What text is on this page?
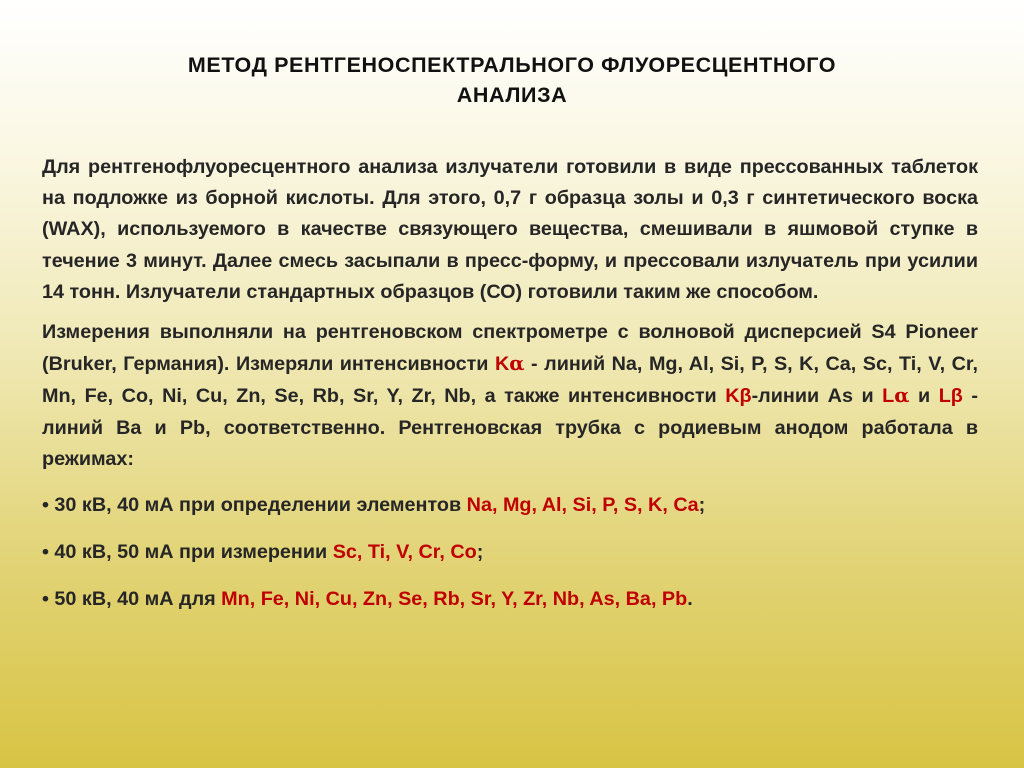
МЕТОД РЕНТГЕНОСПЕКТРАЛЬНОГО ФЛУОРЕСЦЕНТНОГО
АНАЛИЗА

Для рентгенофлуоресцентного анализа излучатели готовили в виде прессованных таблеток на подложке из борной кислоты. Для этого, 0,7 г образца золы и 0,3 г синтетического воска (WAX), используемого в качестве связующего вещества, смешивали в яшмовой ступке в течение 3 минут. Далее смесь засыпали в пресс-форму, и прессовали излучатель при усилии 14 тонн. Излучатели стандартных образцов (СО) готовили таким же способом.

Измерения выполняли на рентгеновском спектрометре с волновой дисперсией S4 Pioneer (Bruker, Германия). Измеряли интенсивности Kα - линий Na, Mg, Al, Si, P, S, K, Ca, Sc, Ti, V, Cr, Mn, Fe, Co, Ni, Cu, Zn, Se, Rb, Sr, Y, Zr, Nb, а также интенсивности Kβ-линии As и Lα и Lβ - линий Ba и Pb, соответственно. Рентгеновская трубка с родиевым анодом работала в режимах:

• 30 кВ, 40 мА при определении элементов Na, Mg, Al, Si, P, S, K, Ca;

• 40 кВ, 50 мА при измерении Sc, Ti, V, Cr, Co;

• 50 кВ, 40 мА для Mn, Fe, Ni, Cu, Zn, Se, Rb, Sr, Y, Zr, Nb, As, Ba, Pb.
